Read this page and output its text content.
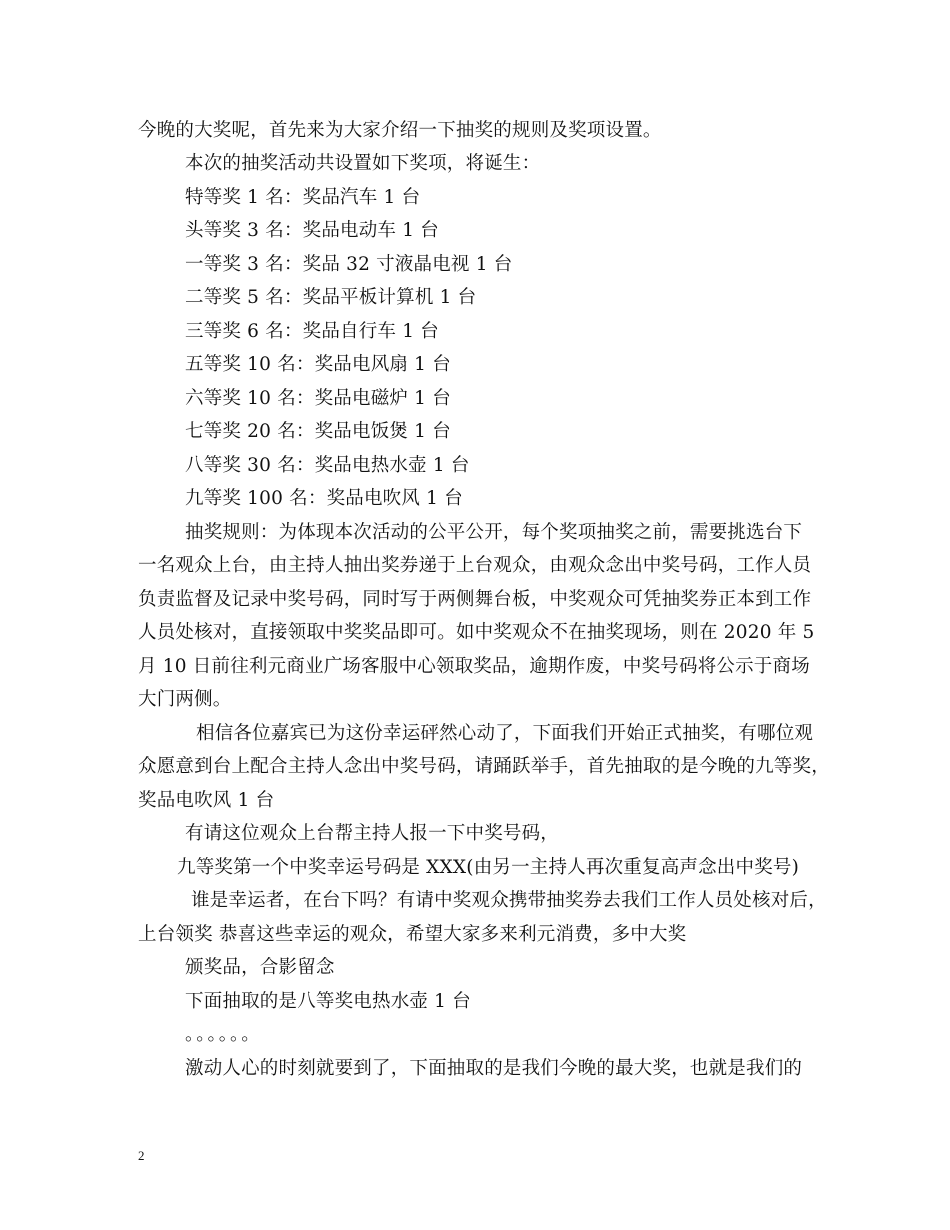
今晚的大奖呢，首先来为大家介绍一下抽奖的规则及奖项设置。
本次的抽奖活动共设置如下奖项，将诞生：
特等奖 1 名：奖品汽车 1 台
头等奖 3 名：奖品电动车 1 台
一等奖 3 名：奖品 32 寸液晶电视 1 台
二等奖 5 名：奖品平板计算机 1 台
三等奖 6 名：奖品自行车 1 台
五等奖 10 名：奖品电风扇 1 台
六等奖 10 名：奖品电磁炉 1 台
七等奖 20 名：奖品电饭煲 1 台
八等奖 30 名：奖品电热水壶 1 台
九等奖 100 名：奖品电吹风 1 台
抽奖规则：为体现本次活动的公平公开，每个奖项抽奖之前，需要挑选台下
一名观众上台，由主持人抽出奖券递于上台观众，由观众念出中奖号码，工作人员
负责监督及记录中奖号码，同时写于两侧舞台板，中奖观众可凭抽奖券正本到工作
人员处核对，直接领取中奖奖品即可。如中奖观众不在抽奖现场，则在 2020 年 5
月 10 日前往利元商业广场客服中心领取奖品，逾期作废，中奖号码将公示于商场
大门两侧。
相信各位嘉宾已为这份幸运砰然心动了，下面我们开始正式抽奖，有哪位观
众愿意到台上配合主持人念出中奖号码，请踊跃举手，首先抽取的是今晚的九等奖，
奖品电吹风 1 台
有请这位观众上台帮主持人报一下中奖号码，
九等奖第一个中奖幸运号码是 XXX(由另一主持人再次重复高声念出中奖号)
谁是幸运者，在台下吗？有请中奖观众携带抽奖券去我们工作人员处核对后，
上台领奖 恭喜这些幸运的观众，希望大家多来利元消费，多中大奖
颁奖品，合影留念
下面抽取的是八等奖电热水壶 1 台
。。。。。。
激动人心的时刻就要到了，下面抽取的是我们今晚的最大奖，也就是我们的
2
